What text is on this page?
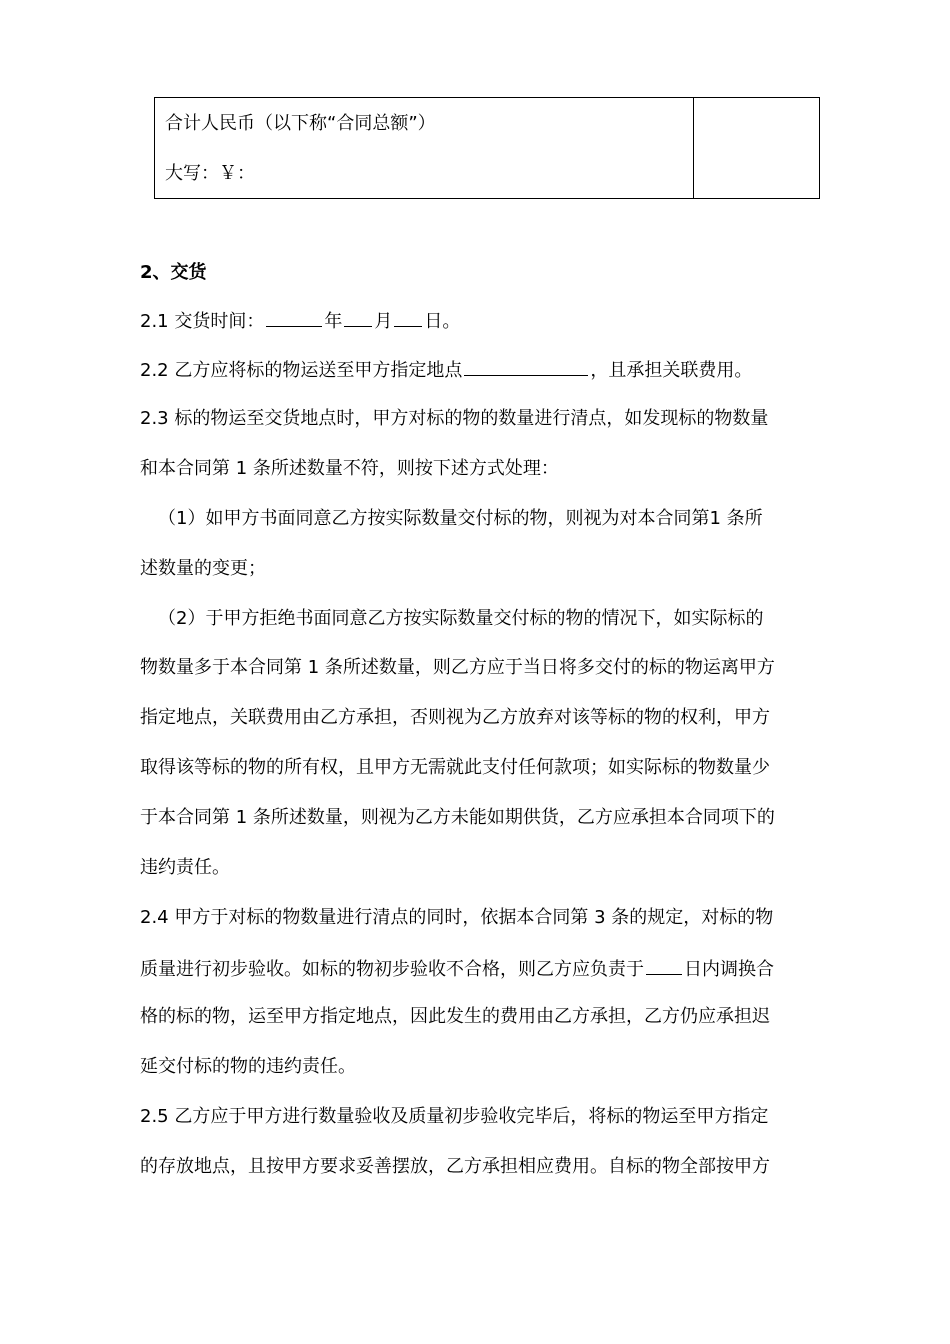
合计人民币（以下称“合同总额”）
大写：￥：

2、交货
2.1 交货时间：	年 月 日。
2.2 乙方应将标的物运送至甲方指定地点	，且承担关联费用。
2.3 标的物运至交货地点时，甲方对标的物的数量进行清点，如发现标的物数量
和本合同第 1 条所述数量不符，则按下述方式处理：
（1）如甲方书面同意乙方按实际数量交付标的物，则视为对本合同第1 条所
述数量的变更；
（2）于甲方拒绝书面同意乙方按实际数量交付标的物的情况下，如实际标的
物数量多于本合同第 1 条所述数量，则乙方应于当日将多交付的标的物运离甲方
指定地点，关联费用由乙方承担，否则视为乙方放弃对该等标的物的权利，甲方
取得该等标的物的所有权，且甲方无需就此支付任何款项；如实际标的物数量少
于本合同第 1 条所述数量，则视为乙方未能如期供货，乙方应承担本合同项下的
违约责任。
2.4 甲方于对标的物数量进行清点的同时，依据本合同第 3 条的规定，对标的物
质量进行初步验收。如标的物初步验收不合格，则乙方应负责于 日内调换合
格的标的物，运至甲方指定地点，因此发生的费用由乙方承担，乙方仍应承担迟
延交付标的物的违约责任。
2.5 乙方应于甲方进行数量验收及质量初步验收完毕后，将标的物运至甲方指定
的存放地点，且按甲方要求妥善摆放，乙方承担相应费用。自标的物全部按甲方
